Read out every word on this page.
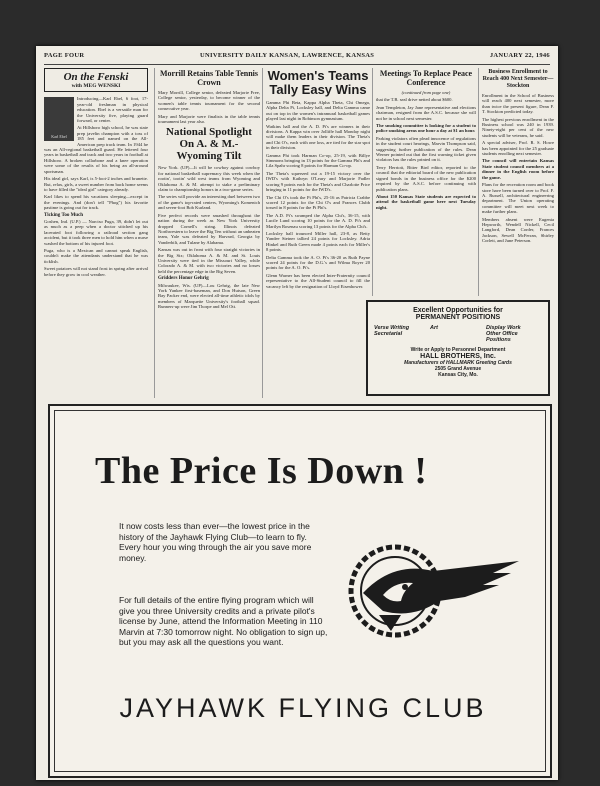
PAGE FOUR	UNIVERSITY DAILY KANSAN, LAWRENCE, KANSAS	JANUARY 22, 1946
On the Fenski
with MEG WENSKI
Karl Ebel

Introducing—Karl Ebel, 6 foot, 17-year-old freshman in physical education. Ebel is a versatile man for the University five, playing guard forward, or center.

At Hillsboro high school, he was state prep javelin champion with a toss of 185 feet and named on the All-American prep track team. In 1944 he was an All-regional basketball guard. He lettered four years in basketball and track and two years in football at Hillsboro. A broken collarbone and a knee operation were some of the results of his being an all-around sportsman.

His ideal girl, says Karl, is 5-foot-2 inches and brunette. But, relax, girls, a sweet number from back home seems to have filled the "ideal girl" category already.

Karl likes to spend his vacations sleeping—except in the evenings. And (don't tell "Phog") his favorite pastime is going out for track.

Ticking Too Much

Goshen, Ind. (U.P.) — Narciso Puga, 39, didn't let out as much as a peep when a doctor stitched up his lacerated foot following a railroad section gang accident, but it took three men to hold him when a nurse washed the bottom of his injured foot.

Puga, who is a Mexican and cannot speak English, couldn't make the attendants understand that he was ticklish.

Sweet potatoes will not stand frost in spring after arrival before they grow in cool weather.

Morrill Retains Table Tennis Crown

Mary Morrill, College senior, defeated Marjorie Free, College senior, yesterday, to become winner of the women's table tennis tournament for the second consecutive year.

Mary and Marjorie were finalists in the table tennis tournament last year also.

National Spotlight On A. & M.-Wyoming Tilt

New York. (UP)—It will be cowboy against cowboy for national basketball supremacy this week when the rootin', tootin' wild west teams from Wyoming and Oklahoma A. & M. attempt to stake a preliminary claim to championship honors in a two-game series.

The series will provide an interesting duel between two of the game's top-rated centers, Wyoming's Komenich and seven-foot Bob Kurland.

Five perfect records were smashed throughout the nation during the week as New York University dropped Cornell's string. Illinois defeated Northwestern to leave the Big Ten without an unbeaten team, Yale was defeated by Harvard, Georgia by Vanderbilt, and Tulane by Alabama.

Kansas was out in front with four straight victories in the Big Six; Oklahoma A. & M. and St. Louis University were tied in the Missouri Valley, while Colorado A. & M. with two victories and no losses held the percentage edge in the Big Seven.

Gridders Honor Gehrig

Milwaukee, Wis. (UP)—Lou Gehrig, the late New York Yankee first-baseman, and Don Hutson, Green Bay Packer end, were elected all-time athletic idols by members of Marquette University's football squad. Runners-up were Jim Thorpe and Mel Ott.

Women's Teams Tally Easy Wins

Gamma Phi Beta, Kappa Alpha Theta, Chi Omega, Alpha Delta Pi, Locksley hall, and Delta Gamma came out on top in the women's intramural basketball games played last night in Robinson gymnasium.

Watkins hall and the A. D. Pi's are winners in their divisions. A Kappa win over Jolliffe hall Monday night will make them leaders in their division. The Theta's and Chi O's, each with one loss, are tied for the star spot in their division.

Gamma Phi took Harman Co-op, 25-19, with Billye Simmons bringing in 13 points for the Gamma Phi's and Lila Spahr scoring 8 points for Harman Co-op.

The Theta's squeezed out a 19-15 victory over the IWD's with Kathryn O'Leary and Marjorie Fadler scoring 9 points each for the Theta's and Charlotte Price bringing in 11 points for the IWD's.

The Chi O's took the Pi Phi's, 25-16 as Patricia Crabbe scored 12 points for the Chi O's and Frances Clubb tossed in 8 points for the Pi Phi's.

The A.D. Pi's swamped the Alpha Chi's, 36-15, with Lucile Lund scoring 10 points for the A. D. Pi's and Marilyn Rosenau scoring 13 points for the Alpha Chi's.

Locksley hall trounced Miller hall, 23-8, as Betty Yandee Steiner tallied 24 points for Locksley. Adria Hinkel and Ruth Green made 4 points each for Miller's 8 points.

Delta Gamma took the A. O. Pi's 36-20 as Ruth Payne scored 24 points for the D.G.'s and Wilma Royer 20 points for the A. O. Pi's.

Glenn Warner has been elected Inter-Fraternity council representative to the All-Student council to fill the vacancy left by the resignation of Lloyd Eisenhower.

Meetings To Replace Peace Conference

(continued from page one)

that the T.B. seal drive netted about $600.

Jean Templeton, Jay Jane representative and elections chairman, resigned from the A.S.C. because she will not be in school next semester.

The smoking committee is looking for a student to police smoking areas one hour a day at $1 an hour.

Parking violators often plead innocence of regulations in the student court hearings, Marvin Thompson said, suggesting further publication of the rules. Dean Werner pointed out that the first warning ticket given violators has the rules printed on it.

Terry Herriott, Bitter Bird editor, reported to the council that the editorial board of the new publication signed bonds in the business office for the $200 required by the A.S.C. before continuing with publication plans.

About 150 Kansas State students are expected to attend the basketball game here next Tuesday night.

Business Enrollment to Reach 400 Next Semester—Stockton

Enrollment in the School of Business will reach 400 next semester, more than twice the present figure, Dean F. T. Stockton predicted today.

The highest previous enrollment in the Business school was 240 in 1939. Ninety-eight per cent of the new students will be veterans, he said.

A special adviser, Prof. R. S. Howe has been appointed for the 25 graduate students enrolling next semester.

The council will entertain Kansas State student council members at a dinner in the English room before the game.

Plans for the recreation room and book store have been turned over to Prof. F. A. Russell, architectural engineering department. The Union operating committee will meet next week to make further plans.

Members absent were Eugenia Hepworth, Wendell Nickell, Cecil Langford, Dean Corder, Frances Jackson, Sewell McFerran, Shirley Corlett, and June Peterson.

Excellent Opportunities for
PERMANENT POSITIONS
Verse Writing	Art	Display Work
Secretarial	Other Office Positions
Write or Apply to Personnel Department
HALL BROTHERS, Inc.
Manufacturers of HALLMARK Greeting Cards
2505 Grand Avenue
Kansas City, Mo.
The Price Is Down !
It now costs less than ever—the lowest price in the history of the Jayhawk Flying Club—to learn to fly. Every hour you wing through the air you save more money.
For full details of the entire flying program which will give you three University credits and a private pilot's license by June, attend the Information Meeting in 110 Marvin at 7:30 tomorrow night. No obligation to sign up, but you may ask all the questions you want.
JAYHAWK FLYING CLUB
